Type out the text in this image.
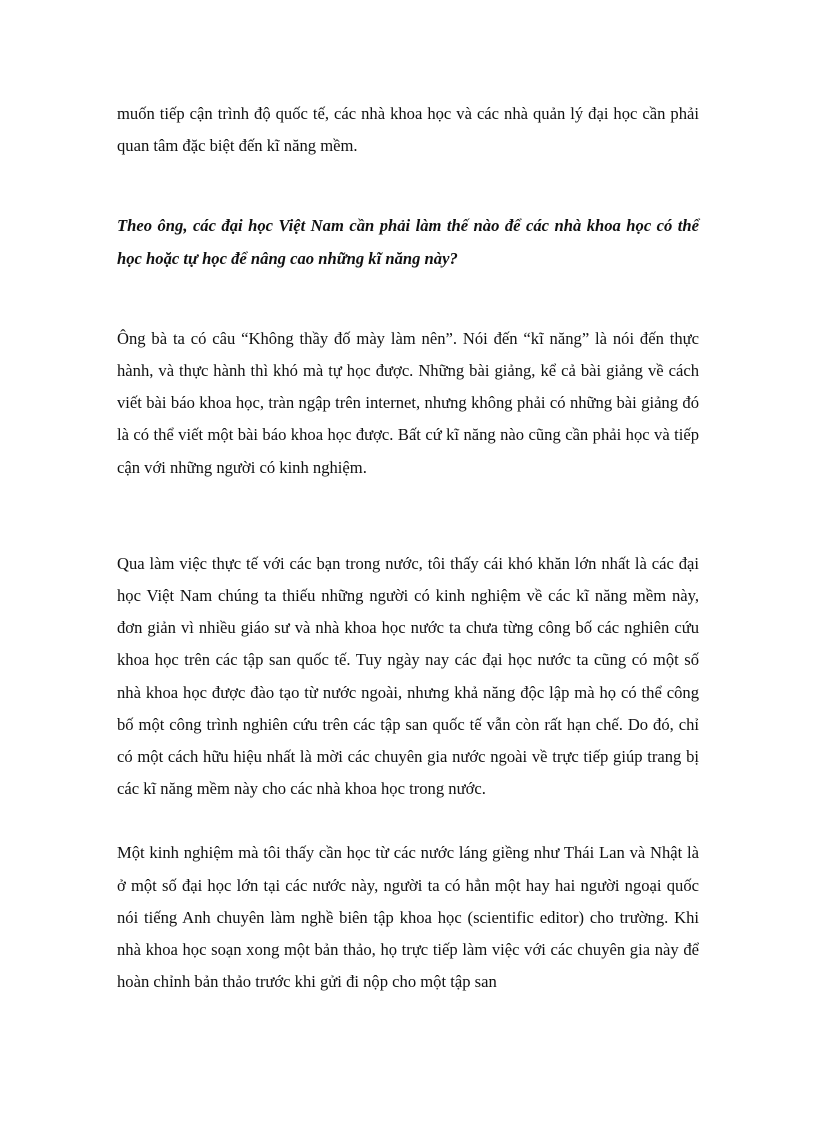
muốn tiếp cận trình độ quốc tế, các nhà khoa học và các nhà quản lý đại học cần phải quan tâm đặc biệt đến kĩ năng mềm.

Theo ông, các đại học Việt Nam cần phải làm thế nào để các nhà khoa học có thể học hoặc tự học để nâng cao những kĩ năng này?

Ông bà ta có câu “Không thầy đố mày làm nên”. Nói đến “kĩ năng” là nói đến thực hành, và thực hành thì khó mà tự học được. Những bài giảng, kể cả bài giảng về cách viết bài báo khoa học, tràn ngập trên internet, nhưng không phải có những bài giảng đó là có thể viết một bài báo khoa học được. Bất cứ kĩ năng nào cũng cần phải học và tiếp cận với những người có kinh nghiệm.

Qua làm việc thực tế với các bạn trong nước, tôi thấy cái khó khăn lớn nhất là các đại học Việt Nam chúng ta thiếu những người có kinh nghiệm về các kĩ năng mềm này, đơn giản vì nhiều giáo sư và nhà khoa học nước ta chưa từng công bố các nghiên cứu khoa học trên các tập san quốc tế. Tuy ngày nay các đại học nước ta cũng có một số nhà khoa học được đào tạo từ nước ngoài, nhưng khả năng độc lập mà họ có thể công bố một công trình nghiên cứu trên các tập san quốc tế vẫn còn rất hạn chế. Do đó, chỉ có một cách hữu hiệu nhất là mời các chuyên gia nước ngoài về trực tiếp giúp trang bị các kĩ năng mềm này cho các nhà khoa học trong nước.

Một kinh nghiệm mà tôi thấy cần học từ các nước láng giềng như Thái Lan và Nhật là ở một số đại học lớn tại các nước này, người ta có hẳn một hay hai người ngoại quốc nói tiếng Anh chuyên làm nghề biên tập khoa học (scientific editor) cho trường. Khi nhà khoa học soạn xong một bản thảo, họ trực tiếp làm việc với các chuyên gia này để hoàn chỉnh bản thảo trước khi gửi đi nộp cho một tập san
